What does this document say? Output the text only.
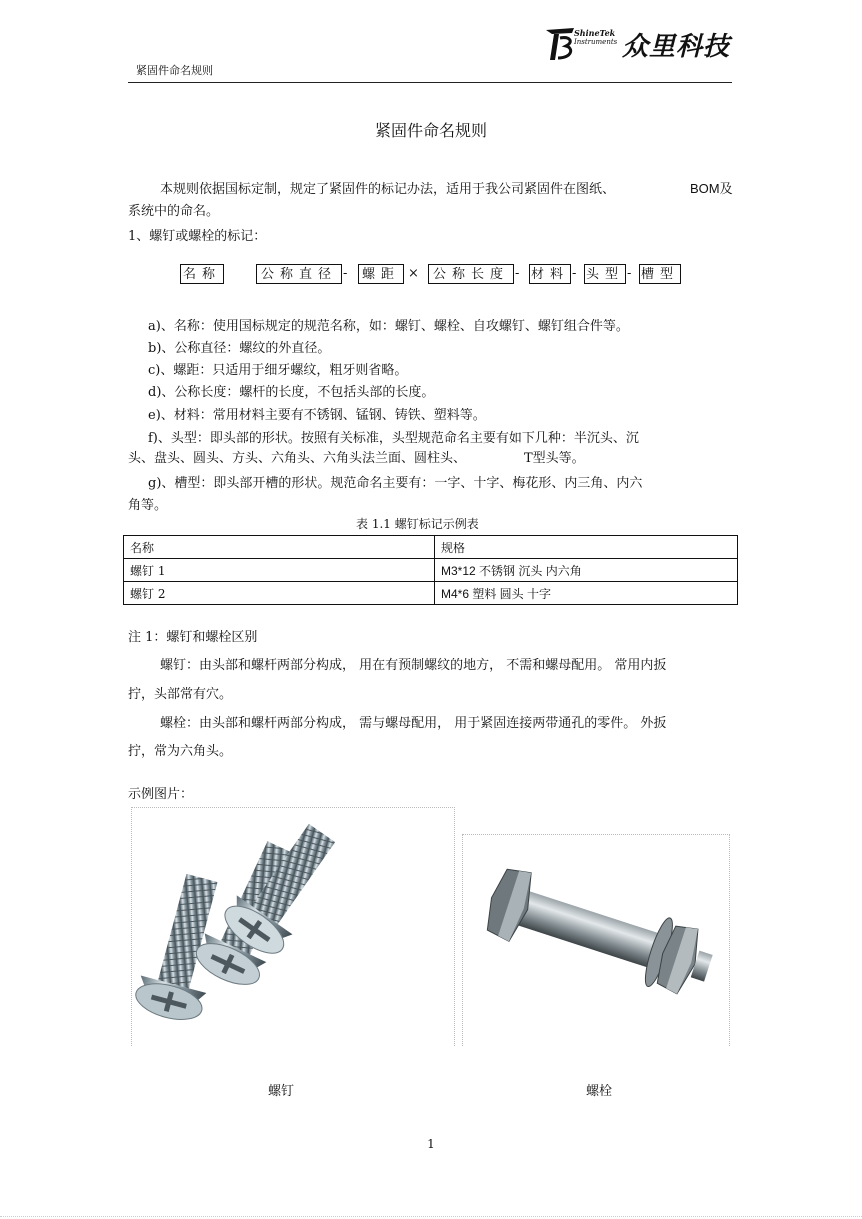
紧固件命名规则
ShineTek
Instruments 众里科技
紧固件命名规则
本规则依据国标定制，规定了紧固件的标记办法，适用于我公司紧固件在图纸、	BOM及
系统中的命名。
1、螺钉或螺栓的标记：
名称	公称直径 -	螺距 ×	公称长度 - 材料 - 头型 - 槽型
a)、名称：使用国标规定的规范名称，如：螺钉、螺栓、自攻螺钉、螺钉组合件等。
b)、公称直径：螺纹的外直径。
c)、螺距：只适用于细牙螺纹，粗牙则省略。
d)、公称长度：螺杆的长度，不包括头部的长度。
e)、材料：常用材料主要有不锈钢、锰钢、铸铁、塑料等。
f)、头型：即头部的形状。按照有关标准，头型规范命名主要有如下几种：半沉头、沉
头、盘头、圆头、方头、六角头、六角头法兰面、圆柱头、	T型头等。
g)、槽型：即头部开槽的形状。规范命名主要有：一字、十字、梅花形、内三角、内六
角等。
表 1.1 螺钉标记示例表
名称	规格
螺钉 1	M3*12 不锈钢 沉头 内六角
螺钉 2	M4*6 塑料 圆头 十字
注 1：螺钉和螺栓区别
螺钉：由头部和螺杆两部分构成， 用在有预制螺纹的地方， 不需和螺母配用。 常用内扳
拧，头部常有穴。
螺栓：由头部和螺杆两部分构成， 需与螺母配用， 用于紧固连接两带通孔的零件。 外扳
拧，常为六角头。
示例图片：
螺钉	螺栓
1
